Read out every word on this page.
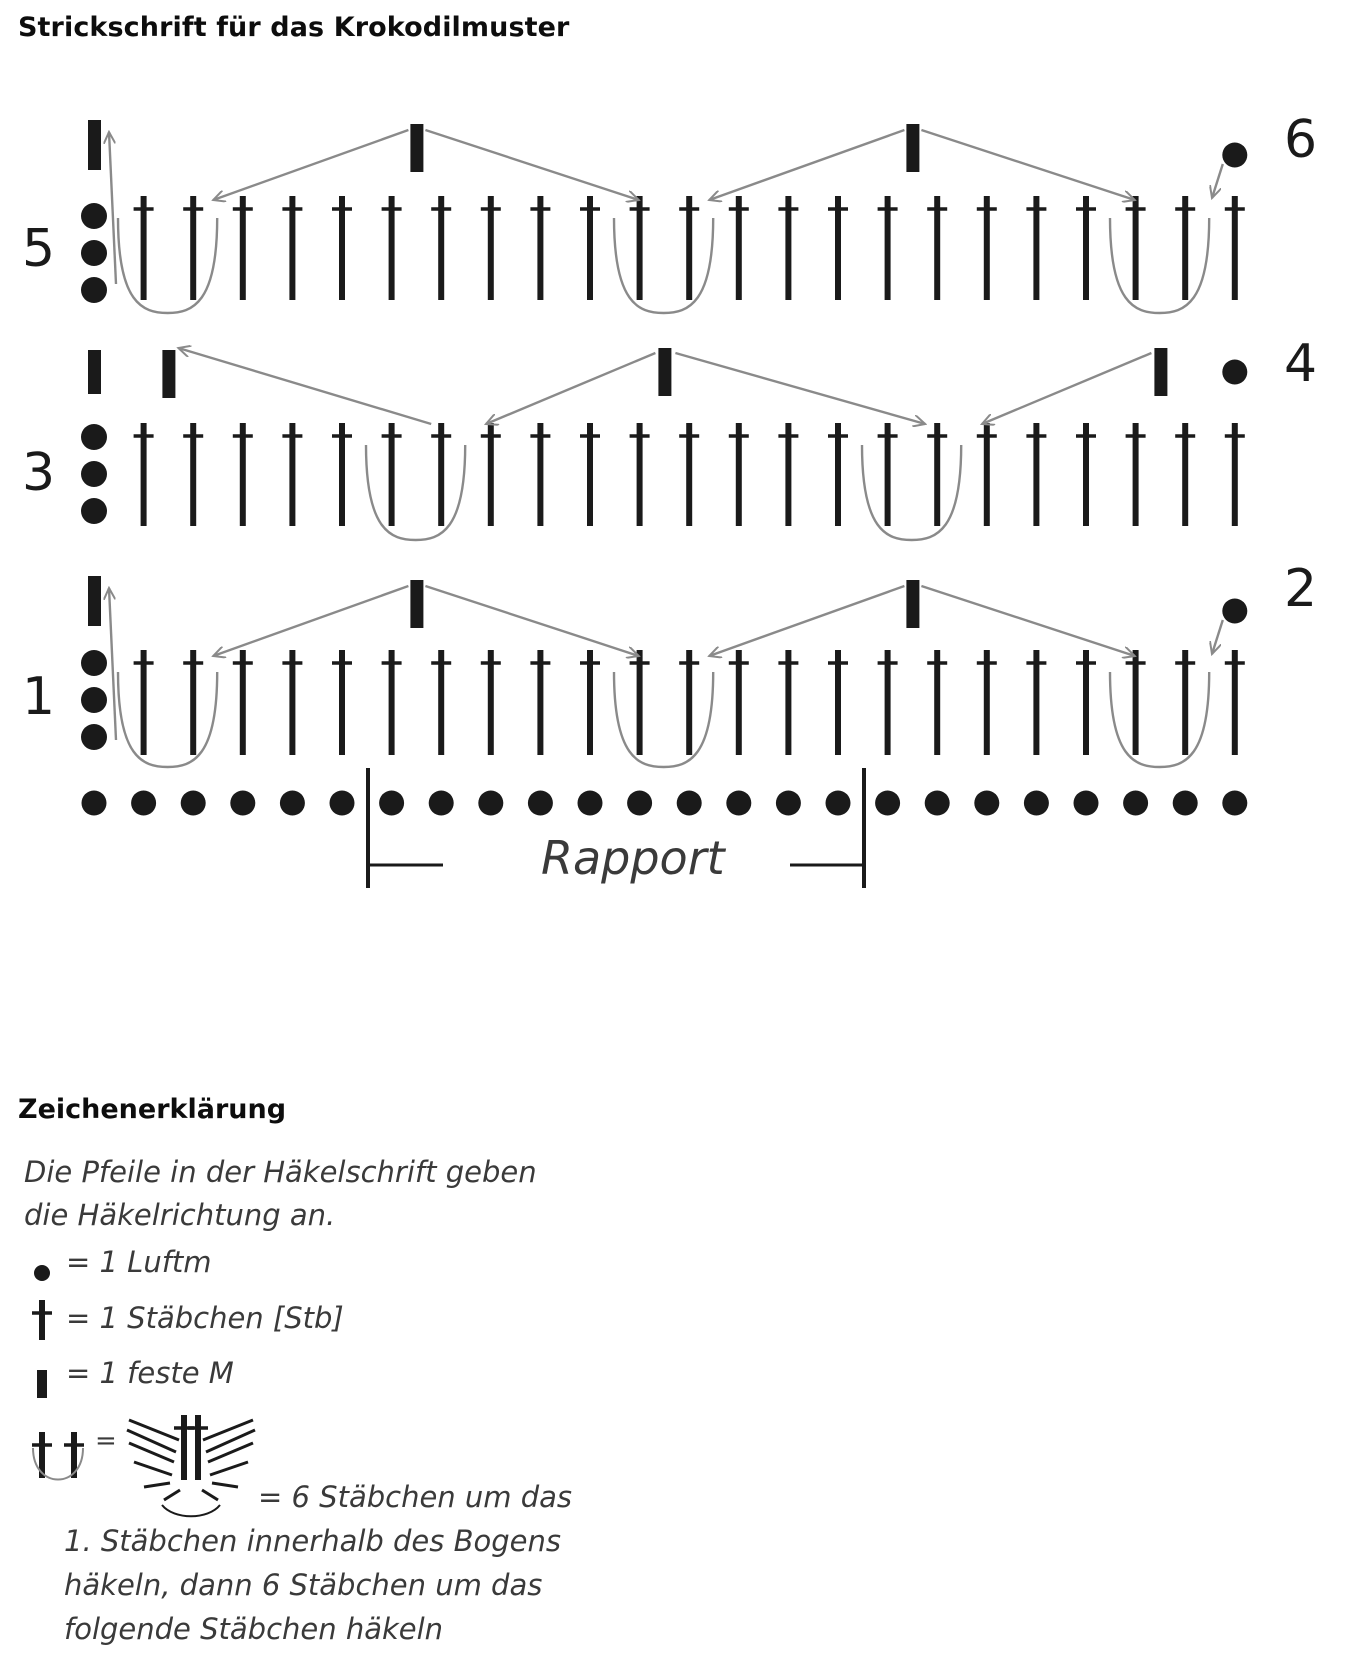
Strickschrift für das Krokodilmuster
5
3
1
6
4
2
Rapport
Zeichenerklärung
Die Pfeile in der Häkelschrift geben
die Häkelrichtung an.
= 1 Luftm
= 1 Stäbchen [Stb]
= 1 feste M
=
= 6 Stäbchen um das
1. Stäbchen innerhalb des Bogens
häkeln, dann 6 Stäbchen um das
folgende Stäbchen häkeln
